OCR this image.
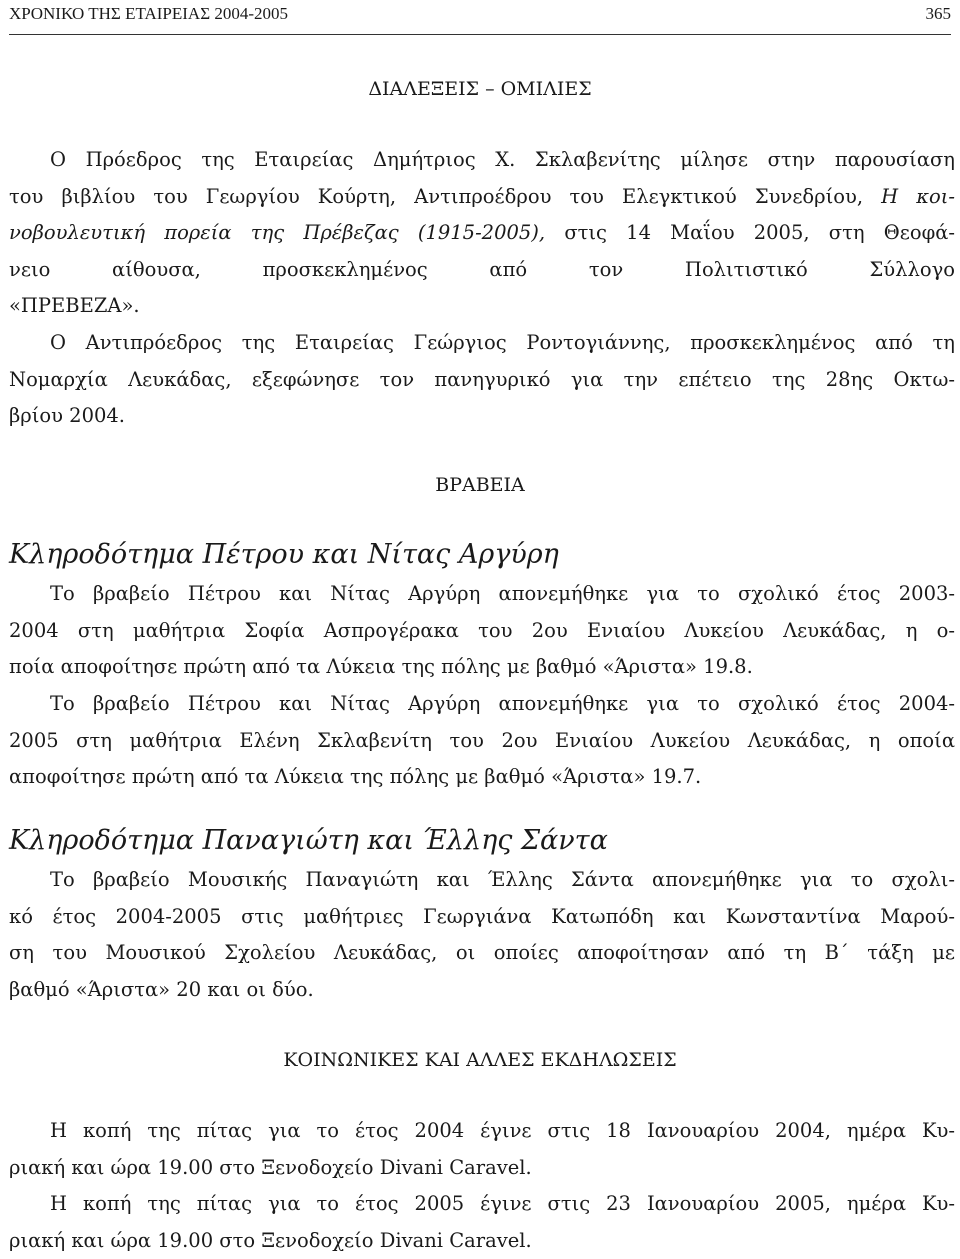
ΧΡΟΝΙΚΟ ΤΗΣ ΕΤΑΙΡΕΙΑΣ 2004-2005	365
ΔΙΑΛΕΞΕΙΣ – ΟΜΙΛΙΕΣ
Ο Πρόεδρος της Εταιρείας Δημήτριος Χ. Σκλαβενίτης μίλησε στην παρουσίαση
του βιβλίου του Γεωργίου Κούρτη, Αντιπροέδρου του Ελεγκτικού Συνεδρίου, Η κοι-
νοβουλευτική πορεία της Πρέβεζας (1915-2005), στις 14 Μαΐου 2005, στη Θεοφά-
νειο αίθουσα, προσκεκλημένος από τον Πολιτιστικό Σύλλογο
«ΠΡΕΒΕΖΑ».
Ο Αντιπρόεδρος της Εταιρείας Γεώργιος Ροντογιάννης, προσκεκλημένος από τη
Νομαρχία Λευκάδας, εξεφώνησε τον πανηγυρικό για την επέτειο της 28ης Οκτω-
βρίου 2004.
ΒΡΑΒΕΙΑ
Κληροδότημα Πέτρου και Νίτας Αργύρη
Το βραβείο Πέτρου και Νίτας Αργύρη απονεμήθηκε για το σχολικό έτος 2003-
2004 στη μαθήτρια Σοφία Ασπρογέρακα του 2ου Ενιαίου Λυκείου Λευκάδας, η ο-
ποία αποφοίτησε πρώτη από τα Λύκεια της πόλης με βαθμό «Άριστα» 19.8.
Το βραβείο Πέτρου και Νίτας Αργύρη απονεμήθηκε για το σχολικό έτος 2004-
2005 στη μαθήτρια Ελένη Σκλαβενίτη του 2ου Ενιαίου Λυκείου Λευκάδας, η οποία
αποφοίτησε πρώτη από τα Λύκεια της πόλης με βαθμό «Άριστα» 19.7.
Κληροδότημα Παναγιώτη και Έλλης Σάντα
Το βραβείο Μουσικής Παναγιώτη και Έλλης Σάντα απονεμήθηκε για το σχολι-
κό έτος 2004-2005 στις μαθήτριες Γεωργιάνα Κατωπόδη και Κωνσταντίνα Μαρού-
ση του Μουσικού Σχολείου Λευκάδας, οι οποίες αποφοίτησαν από τη Β΄ τάξη με
βαθμό «Άριστα» 20 και οι δύο.
ΚΟΙΝΩΝΙΚΕΣ ΚΑΙ ΑΛΛΕΣ ΕΚΔΗΛΩΣΕΙΣ
Η κοπή της πίτας για το έτος 2004 έγινε στις 18 Ιανουαρίου 2004, ημέρα Κυ-
ριακή και ώρα 19.00 στο Ξενοδοχείο Divani Caravel.
Η κοπή της πίτας για το έτος 2005 έγινε στις 23 Ιανουαρίου 2005, ημέρα Κυ-
ριακή και ώρα 19.00 στο Ξενοδοχείο Divani Caravel.
